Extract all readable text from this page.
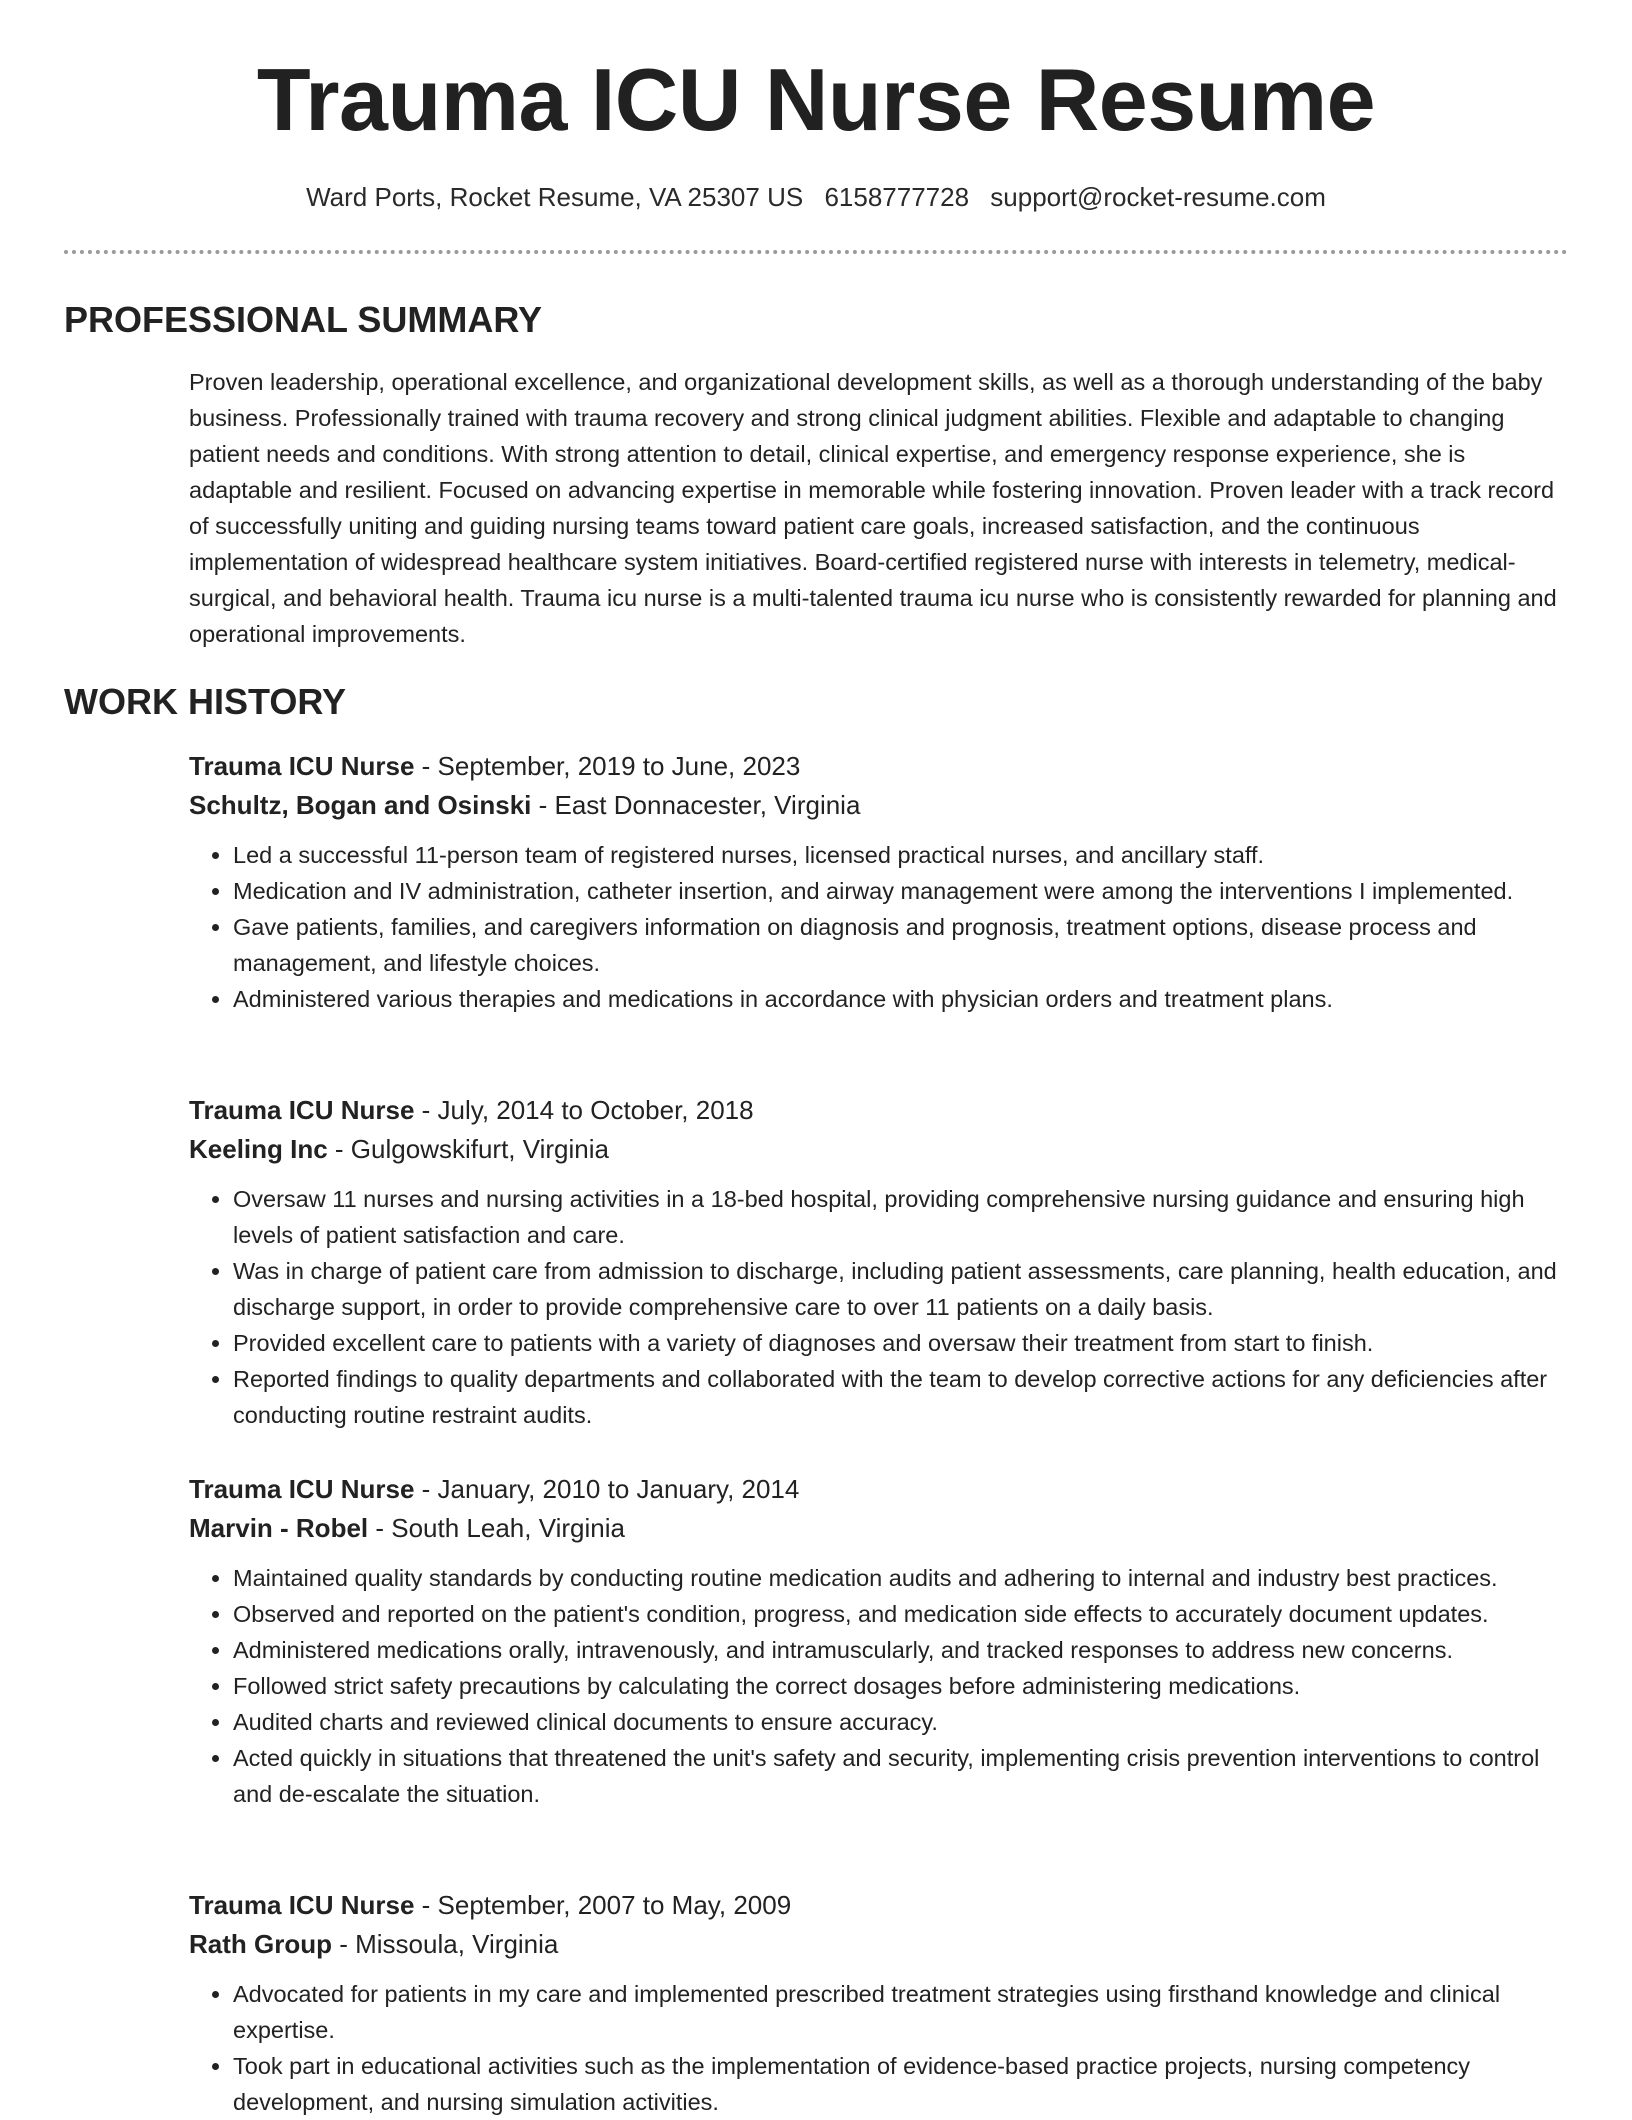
Trauma ICU Nurse Resume
Ward Ports, Rocket Resume, VA 25307 US 6158777728 support@rocket-resume.com
PROFESSIONAL SUMMARY

Proven leadership, operational excellence, and organizational development skills, as well as a thorough understanding of the baby business. Professionally trained with trauma recovery and strong clinical judgment abilities. Flexible and adaptable to changing patient needs and conditions. With strong attention to detail, clinical expertise, and emergency response experience, she is adaptable and resilient. Focused on advancing expertise in memorable while fostering innovation. Proven leader with a track record of successfully uniting and guiding nursing teams toward patient care goals, increased satisfaction, and the continuous implementation of widespread healthcare system initiatives. Board-certified registered nurse with interests in telemetry, medical-surgical, and behavioral health. Trauma icu nurse is a multi-talented trauma icu nurse who is consistently rewarded for planning and operational improvements.

WORK HISTORY
Trauma ICU Nurse - September, 2019 to June, 2023
Schultz, Bogan and Osinski - East Donnacester, Virginia
• Led a successful 11-person team of registered nurses, licensed practical nurses, and ancillary staff.
• Medication and IV administration, catheter insertion, and airway management were among the interventions I implemented.
• Gave patients, families, and caregivers information on diagnosis and prognosis, treatment options, disease process and management, and lifestyle choices.
• Administered various therapies and medications in accordance with physician orders and treatment plans.
Trauma ICU Nurse - July, 2014 to October, 2018
Keeling Inc - Gulgowskifurt, Virginia
• Oversaw 11 nurses and nursing activities in a 18-bed hospital, providing comprehensive nursing guidance and ensuring high levels of patient satisfaction and care.
• Was in charge of patient care from admission to discharge, including patient assessments, care planning, health education, and discharge support, in order to provide comprehensive care to over 11 patients on a daily basis.
• Provided excellent care to patients with a variety of diagnoses and oversaw their treatment from start to finish.
• Reported findings to quality departments and collaborated with the team to develop corrective actions for any deficiencies after conducting routine restraint audits.
Trauma ICU Nurse - January, 2010 to January, 2014
Marvin - Robel - South Leah, Virginia
• Maintained quality standards by conducting routine medication audits and adhering to internal and industry best practices.
• Observed and reported on the patient's condition, progress, and medication side effects to accurately document updates.
• Administered medications orally, intravenously, and intramuscularly, and tracked responses to address new concerns.
• Followed strict safety precautions by calculating the correct dosages before administering medications.
• Audited charts and reviewed clinical documents to ensure accuracy.
• Acted quickly in situations that threatened the unit's safety and security, implementing crisis prevention interventions to control and de-escalate the situation.
Trauma ICU Nurse - September, 2007 to May, 2009
Rath Group - Missoula, Virginia
• Advocated for patients in my care and implemented prescribed treatment strategies using firsthand knowledge and clinical expertise.
• Took part in educational activities such as the implementation of evidence-based practice projects, nursing competency development, and nursing simulation activities.
